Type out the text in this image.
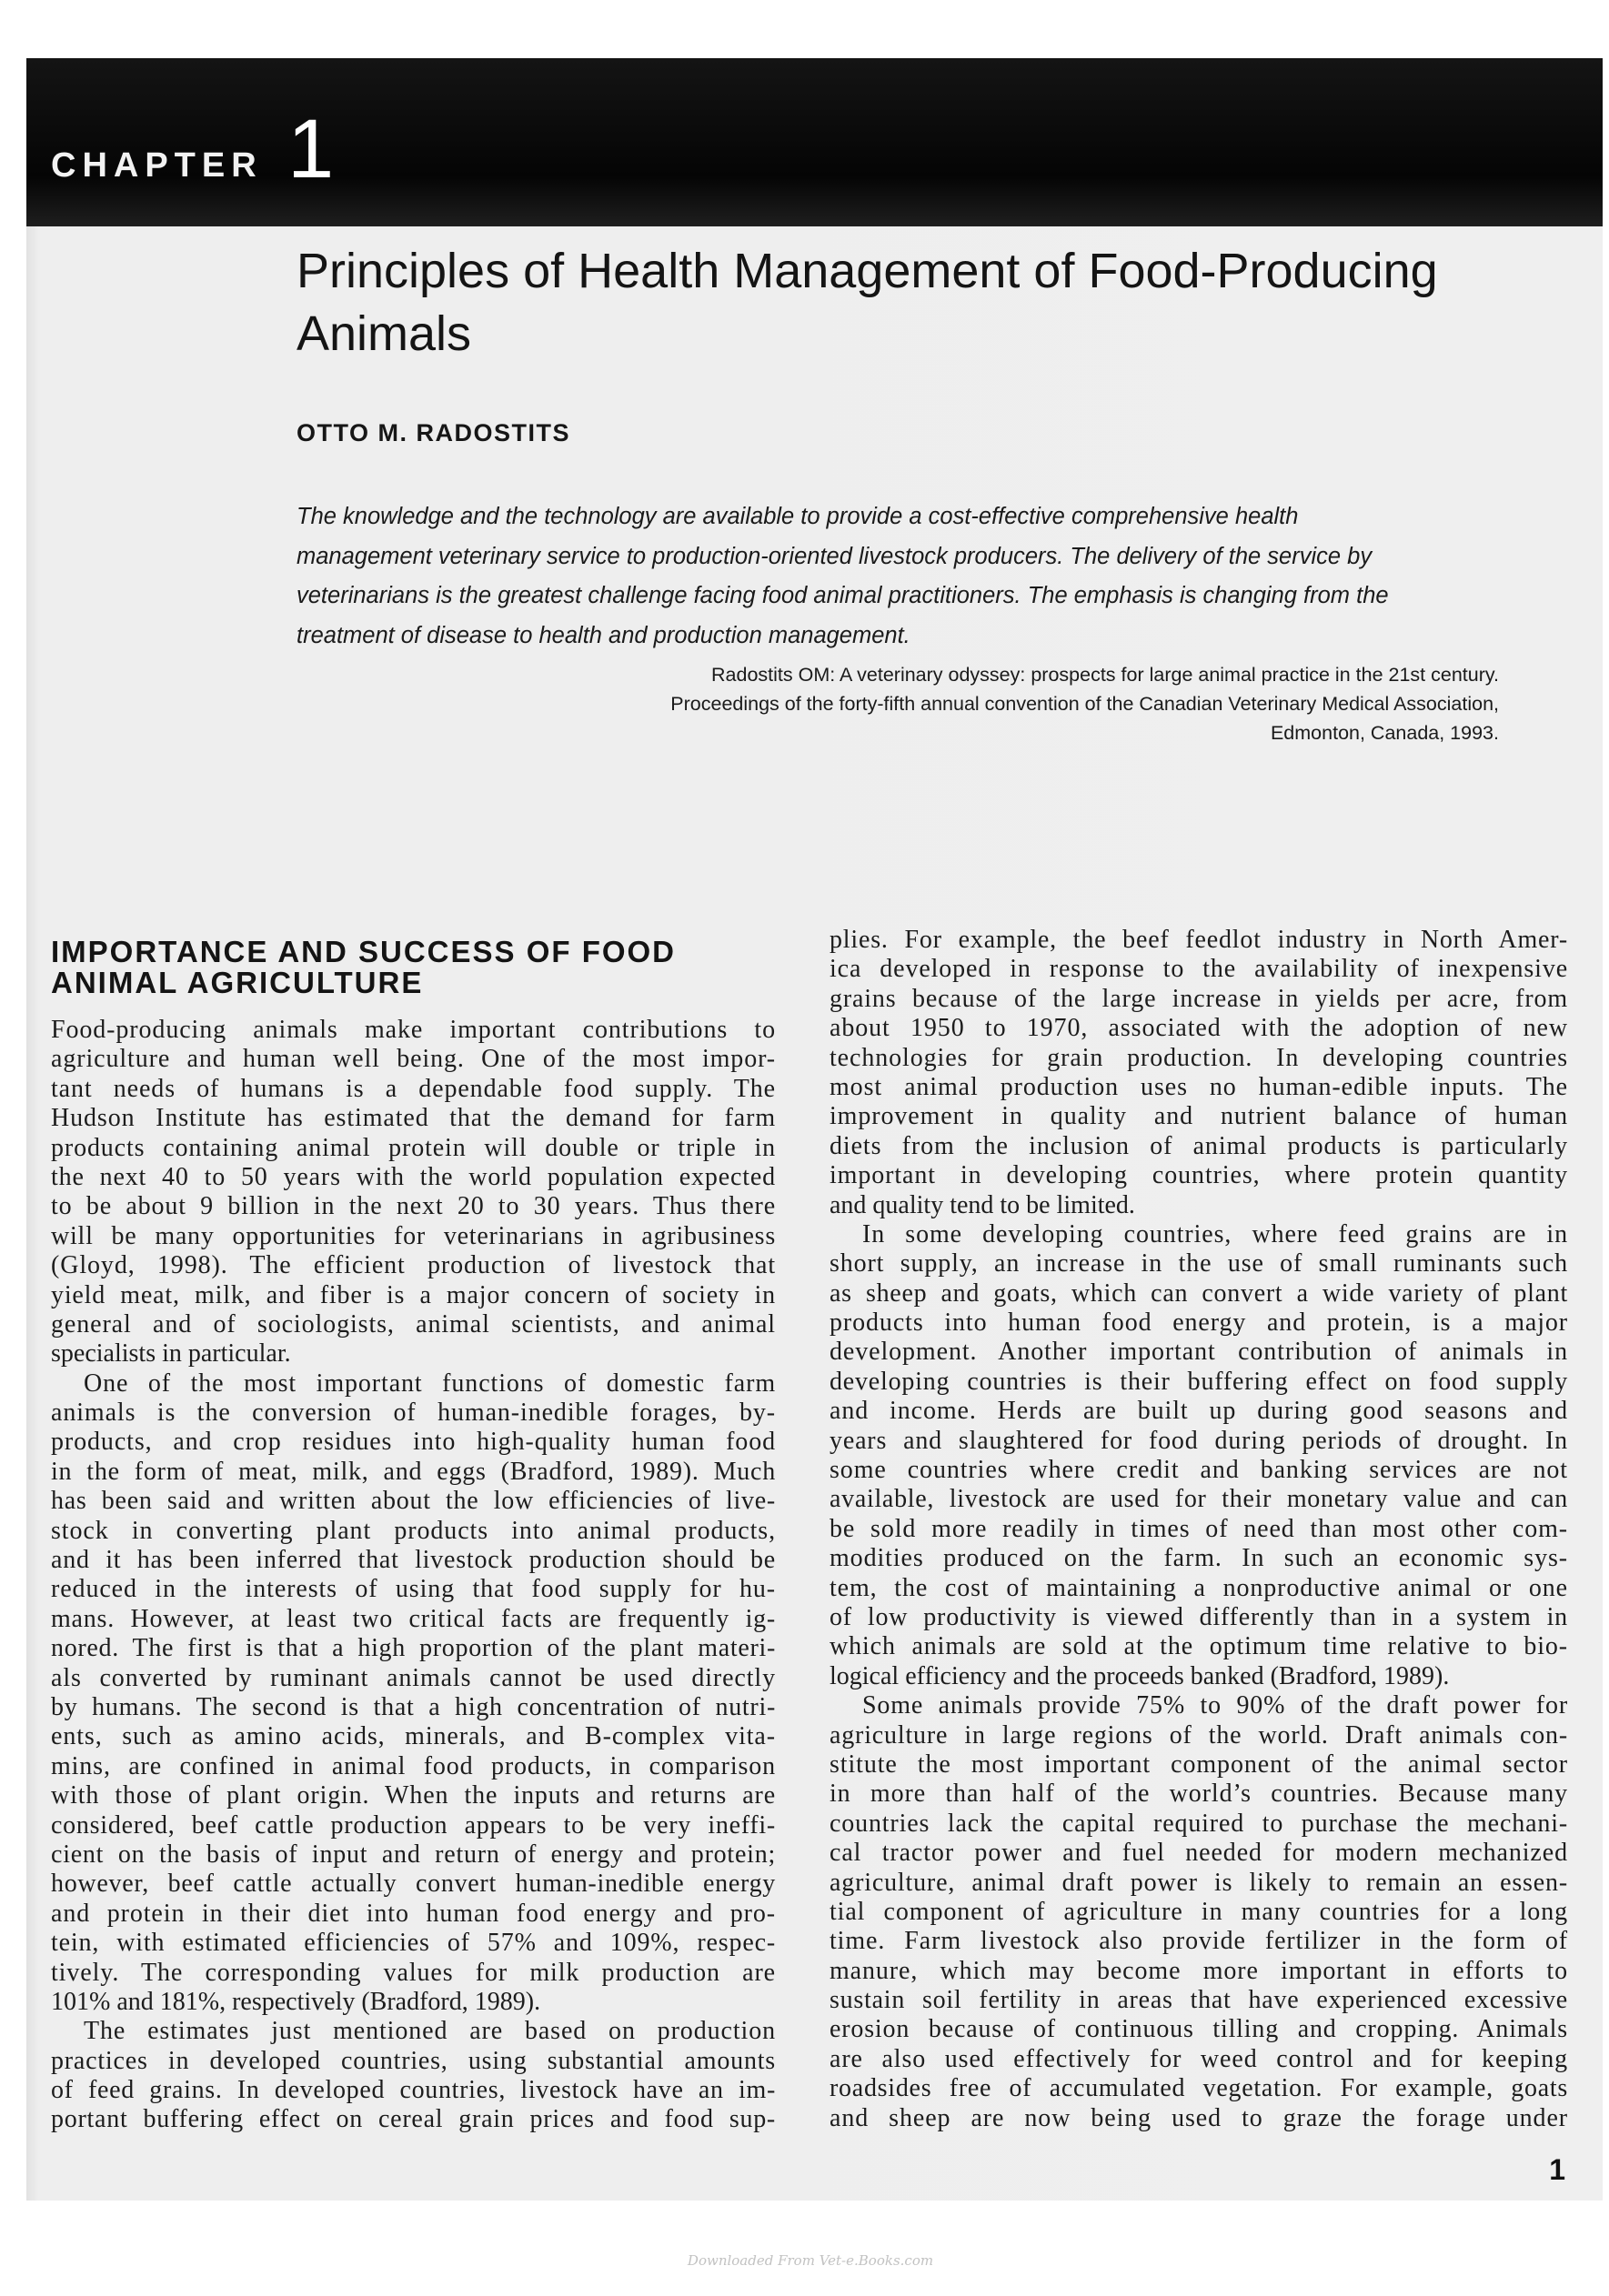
CHAPTER 1
Principles of Health Management of Food-Producing
Animals
OTTO M. RADOSTITS
The knowledge and the technology are available to provide a cost-effective comprehensive health
management veterinary service to production-oriented livestock producers. The delivery of the service by
veterinarians is the greatest challenge facing food animal practitioners. The emphasis is changing from the
treatment of disease to health and production management.
Radostits OM: A veterinary odyssey: prospects for large animal practice in the 21st century.
Proceedings of the forty-fifth annual convention of the Canadian Veterinary Medical Association,
Edmonton, Canada, 1993.
IMPORTANCE AND SUCCESS OF FOOD
ANIMAL AGRICULTURE
Food-producing animals make important contributions to
agriculture and human well being. One of the most impor-
tant needs of humans is a dependable food supply. The
Hudson Institute has estimated that the demand for farm
products containing animal protein will double or triple in
the next 40 to 50 years with the world population expected
to be about 9 billion in the next 20 to 30 years. Thus there
will be many opportunities for veterinarians in agribusiness
(Gloyd, 1998). The efficient production of livestock that
yield meat, milk, and fiber is a major concern of society in
general and of sociologists, animal scientists, and animal
specialists in particular.
One of the most important functions of domestic farm
animals is the conversion of human-inedible forages, by-
products, and crop residues into high-quality human food
in the form of meat, milk, and eggs (Bradford, 1989). Much
has been said and written about the low efficiencies of live-
stock in converting plant products into animal products,
and it has been inferred that livestock production should be
reduced in the interests of using that food supply for hu-
mans. However, at least two critical facts are frequently ig-
nored. The first is that a high proportion of the plant materi-
als converted by ruminant animals cannot be used directly
by humans. The second is that a high concentration of nutri-
ents, such as amino acids, minerals, and B-complex vita-
mins, are confined in animal food products, in comparison
with those of plant origin. When the inputs and returns are
considered, beef cattle production appears to be very ineffi-
cient on the basis of input and return of energy and protein;
however, beef cattle actually convert human-inedible energy
and protein in their diet into human food energy and pro-
tein, with estimated efficiencies of 57% and 109%, respec-
tively. The corresponding values for milk production are
101% and 181%, respectively (Bradford, 1989).
The estimates just mentioned are based on production
practices in developed countries, using substantial amounts
of feed grains. In developed countries, livestock have an im-
portant buffering effect on cereal grain prices and food sup-
plies. For example, the beef feedlot industry in North Amer-
ica developed in response to the availability of inexpensive
grains because of the large increase in yields per acre, from
about 1950 to 1970, associated with the adoption of new
technologies for grain production. In developing countries
most animal production uses no human-edible inputs. The
improvement in quality and nutrient balance of human
diets from the inclusion of animal products is particularly
important in developing countries, where protein quantity
and quality tend to be limited.
In some developing countries, where feed grains are in
short supply, an increase in the use of small ruminants such
as sheep and goats, which can convert a wide variety of plant
products into human food energy and protein, is a major
development. Another important contribution of animals in
developing countries is their buffering effect on food supply
and income. Herds are built up during good seasons and
years and slaughtered for food during periods of drought. In
some countries where credit and banking services are not
available, livestock are used for their monetary value and can
be sold more readily in times of need than most other com-
modities produced on the farm. In such an economic sys-
tem, the cost of maintaining a nonproductive animal or one
of low productivity is viewed differently than in a system in
which animals are sold at the optimum time relative to bio-
logical efficiency and the proceeds banked (Bradford, 1989).
Some animals provide 75% to 90% of the draft power for
agriculture in large regions of the world. Draft animals con-
stitute the most important component of the animal sector
in more than half of the world’s countries. Because many
countries lack the capital required to purchase the mechani-
cal tractor power and fuel needed for modern mechanized
agriculture, animal draft power is likely to remain an essen-
tial component of agriculture in many countries for a long
time. Farm livestock also provide fertilizer in the form of
manure, which may become more important in efforts to
sustain soil fertility in areas that have experienced excessive
erosion because of continuous tilling and cropping. Animals
are also used effectively for weed control and for keeping
roadsides free of accumulated vegetation. For example, goats
and sheep are now being used to graze the forage under
1
Downloaded From Vet-e.Books.com
